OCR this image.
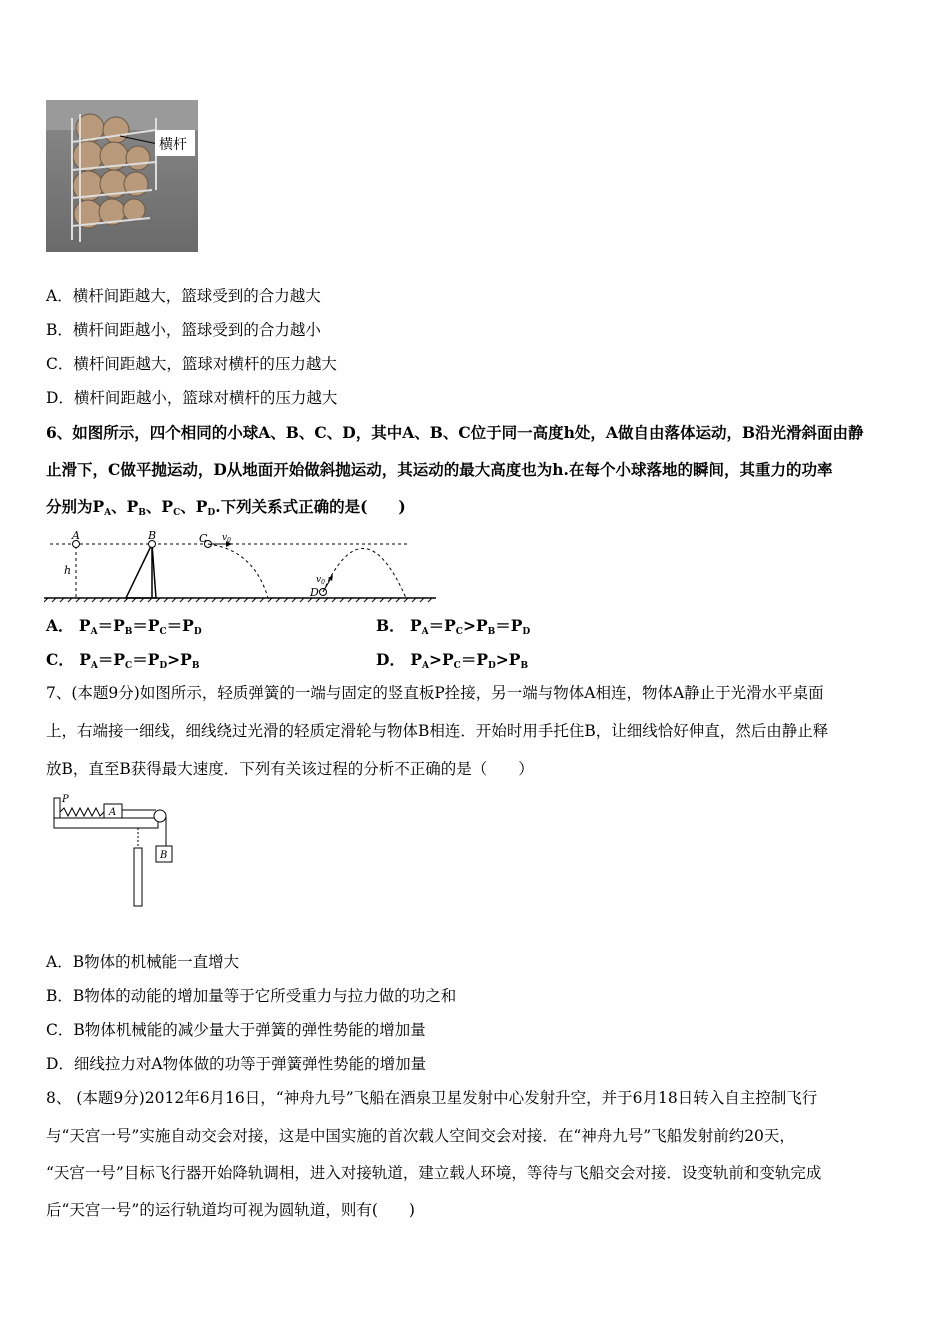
横杆
A．横杆间距越大，篮球受到的合力越大
B．横杆间距越小，篮球受到的合力越小
C．横杆间距越大，篮球对横杆的压力越大
D．横杆间距越小，篮球对横杆的压力越大
6、如图所示，四个相同的小球A、B、C、D，其中A、B、C位于同一高度h处，A做自由落体运动，B沿光滑斜面由静
止滑下，C做平抛运动，D从地面开始做斜抛运动，其运动的最大高度也为h.在每个小球落地的瞬间，其重力的功率
分别为$P_A$、$P_B$、$P_C$、$P_D$.下列关系式正确的是(　　)
A	B	C $v_0$
h
D
$v_0$
A． $P_A=P_B=P_C=P_D$	B． $P_A=P_C>P_B=P_D$
C． $P_A=P_C=P_D>P_B$	D． $P_A>P_C=P_D>P_B$
7、(本题9分)如图所示，轻质弹簧的一端与固定的竖直板P拴接，另一端与物体A相连，物体A静止于光滑水平桌面
上，右端接一细线，细线绕过光滑的轻质定滑轮与物体B相连．开始时用手托住B，让细线恰好伸直，然后由静止释
放B，直至B获得最大速度．下列有关该过程的分析不正确的是（　　）
P
A
B
A．B物体的机械能一直增大
B．B物体的动能的增加量等于它所受重力与拉力做的功之和
C．B物体机械能的减少量大于弹簧的弹性势能的增加量
D．细线拉力对A物体做的功等于弹簧弹性势能的增加量
8、 (本题9分)2012年6月16日，“神舟九号”飞船在酒泉卫星发射中心发射升空，并于6月18日转入自主控制飞行
与“天宫一号”实施自动交会对接，这是中国实施的首次载人空间交会对接．在“神舟九号”飞船发射前约20天，
“天宫一号”目标飞行器开始降轨调相，进入对接轨道，建立载人环境，等待与飞船交会对接．设变轨前和变轨完成
后“天宫一号”的运行轨道均可视为圆轨道，则有(　　)
